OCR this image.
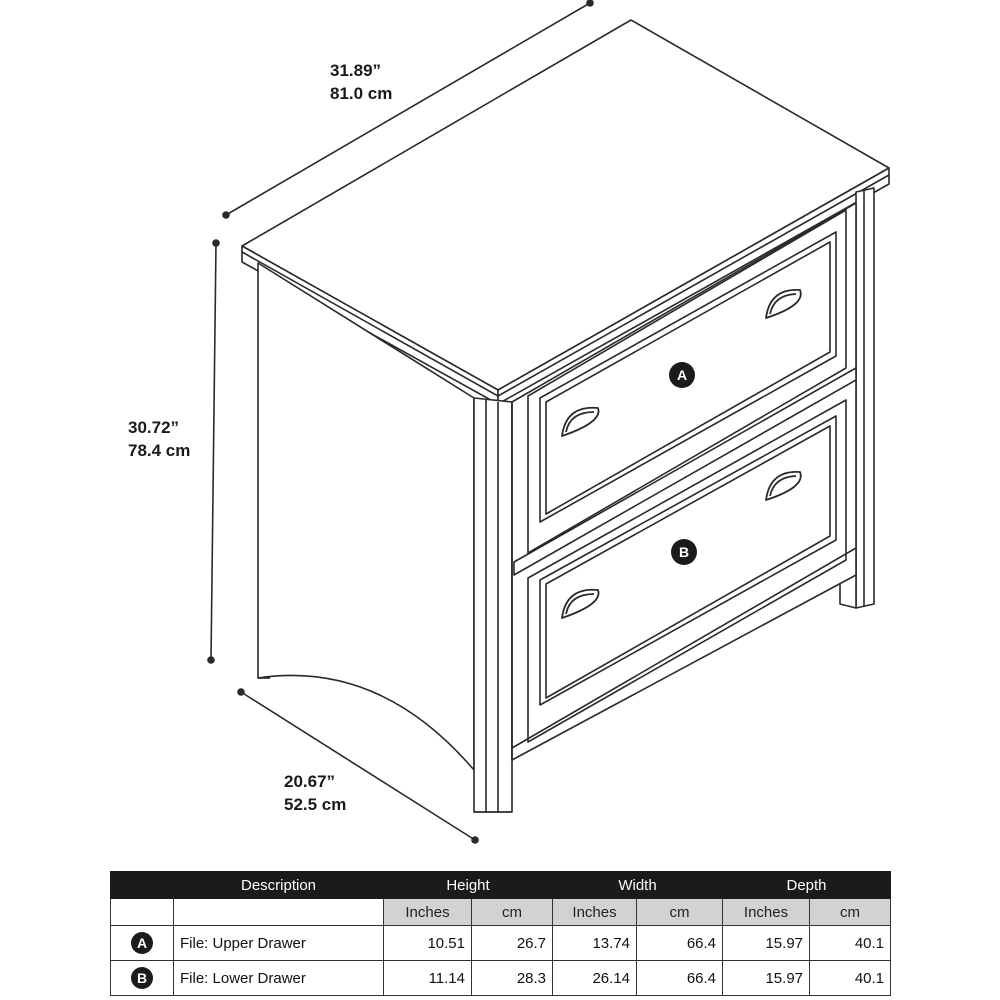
A
B
31.89”
81.0 cm
30.72”
78.4 cm
20.67”
52.5 cm
	Description	Height		Width		Depth	
		Inches	cm	Inches	cm	Inches	cm
A	File: Upper Drawer	10.51	26.7	13.74	66.4	15.97	40.1
B	File: Lower Drawer	11.14	28.3	26.14	66.4	15.97	40.1
